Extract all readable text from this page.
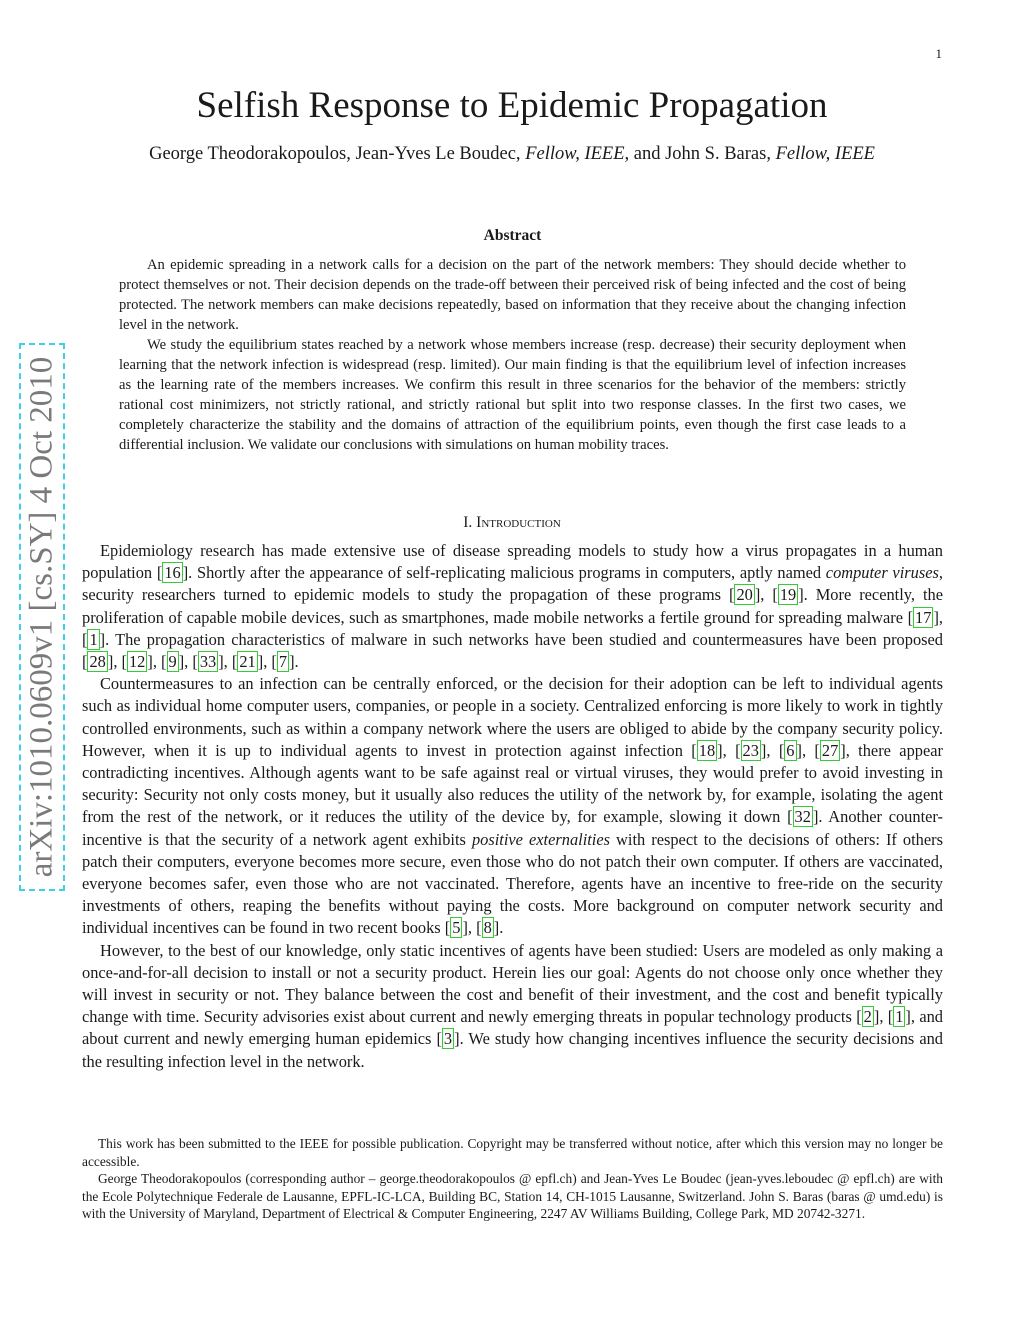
1
arXiv:1010.0609v1 [cs.SY] 4 Oct 2010
Selfish Response to Epidemic Propagation
George Theodorakopoulos, Jean-Yves Le Boudec, Fellow, IEEE, and John S. Baras, Fellow, IEEE
Abstract

An epidemic spreading in a network calls for a decision on the part of the network members: They should decide whether to protect themselves or not. Their decision depends on the trade-off between their perceived risk of being infected and the cost of being protected. The network members can make decisions repeatedly, based on information that they receive about the changing infection level in the network.

We study the equilibrium states reached by a network whose members increase (resp. decrease) their security deployment when learning that the network infection is widespread (resp. limited). Our main finding is that the equilibrium level of infection increases as the learning rate of the members increases. We confirm this result in three scenarios for the behavior of the members: strictly rational cost minimizers, not strictly rational, and strictly rational but split into two response classes. In the first two cases, we completely characterize the stability and the domains of attraction of the equilibrium points, even though the first case leads to a differential inclusion. We validate our conclusions with simulations on human mobility traces.

I. Introduction

Epidemiology research has made extensive use of disease spreading models to study how a virus propagates in a human population [ 16 ]. Shortly after the appearance of self-replicating malicious programs in computers, aptly named computer viruses, security researchers turned to epidemic models to study the propagation of these programs [ 20 ], [ 19 ]. More recently, the proliferation of capable mobile devices, such as smartphones, made mobile networks a fertile ground for spreading malware [ 17 ], [ 1 ]. The propagation characteristics of malware in such networks have been studied and countermeasures have been proposed [ 28 ], [ 12 ], [ 9 ], [ 33 ], [ 21 ], [ 7 ].

Countermeasures to an infection can be centrally enforced, or the decision for their adoption can be left to individual agents such as individual home computer users, companies, or people in a society. Centralized enforcing is more likely to work in tightly controlled environments, such as within a company network where the users are obliged to abide by the company security policy. However, when it is up to individual agents to invest in protection against infection [ 18 ], [ 23 ], [ 6 ], [ 27 ], there appear contradicting incentives. Although agents want to be safe against real or virtual viruses, they would prefer to avoid investing in security: Security not only costs money, but it usually also reduces the utility of the network by, for example, isolating the agent from the rest of the network, or it reduces the utility of the device by, for example, slowing it down [ 32 ]. Another counter-incentive is that the security of a network agent exhibits positive externalities with respect to the decisions of others: If others patch their computers, everyone becomes more secure, even those who do not patch their own computer. If others are vaccinated, everyone becomes safer, even those who are not vaccinated. Therefore, agents have an incentive to free-ride on the security investments of others, reaping the benefits without paying the costs. More background on computer network security and individual incentives can be found in two recent books [ 5 ], [ 8 ].

However, to the best of our knowledge, only static incentives of agents have been studied: Users are modeled as only making a once-and-for-all decision to install or not a security product. Herein lies our goal: Agents do not choose only once whether they will invest in security or not. They balance between the cost and benefit of their investment, and the cost and benefit typically change with time. Security advisories exist about current and newly emerging threats in popular technology products [ 2 ], [ 1 ], and about current and newly emerging human epidemics [ 3 ]. We study how changing incentives influence the security decisions and the resulting infection level in the network.

This work has been submitted to the IEEE for possible publication. Copyright may be transferred without notice, after which this version may no longer be accessible.

George Theodorakopoulos (corresponding author – george.theodorakopoulos @ epfl.ch) and Jean-Yves Le Boudec (jean-yves.leboudec @ epfl.ch) are with the Ecole Polytechnique Federale de Lausanne, EPFL-IC-LCA, Building BC, Station 14, CH-1015 Lausanne, Switzerland. John S. Baras (baras @ umd.edu) is with the University of Maryland, Department of Electrical & Computer Engineering, 2247 AV Williams Building, College Park, MD 20742-3271.
